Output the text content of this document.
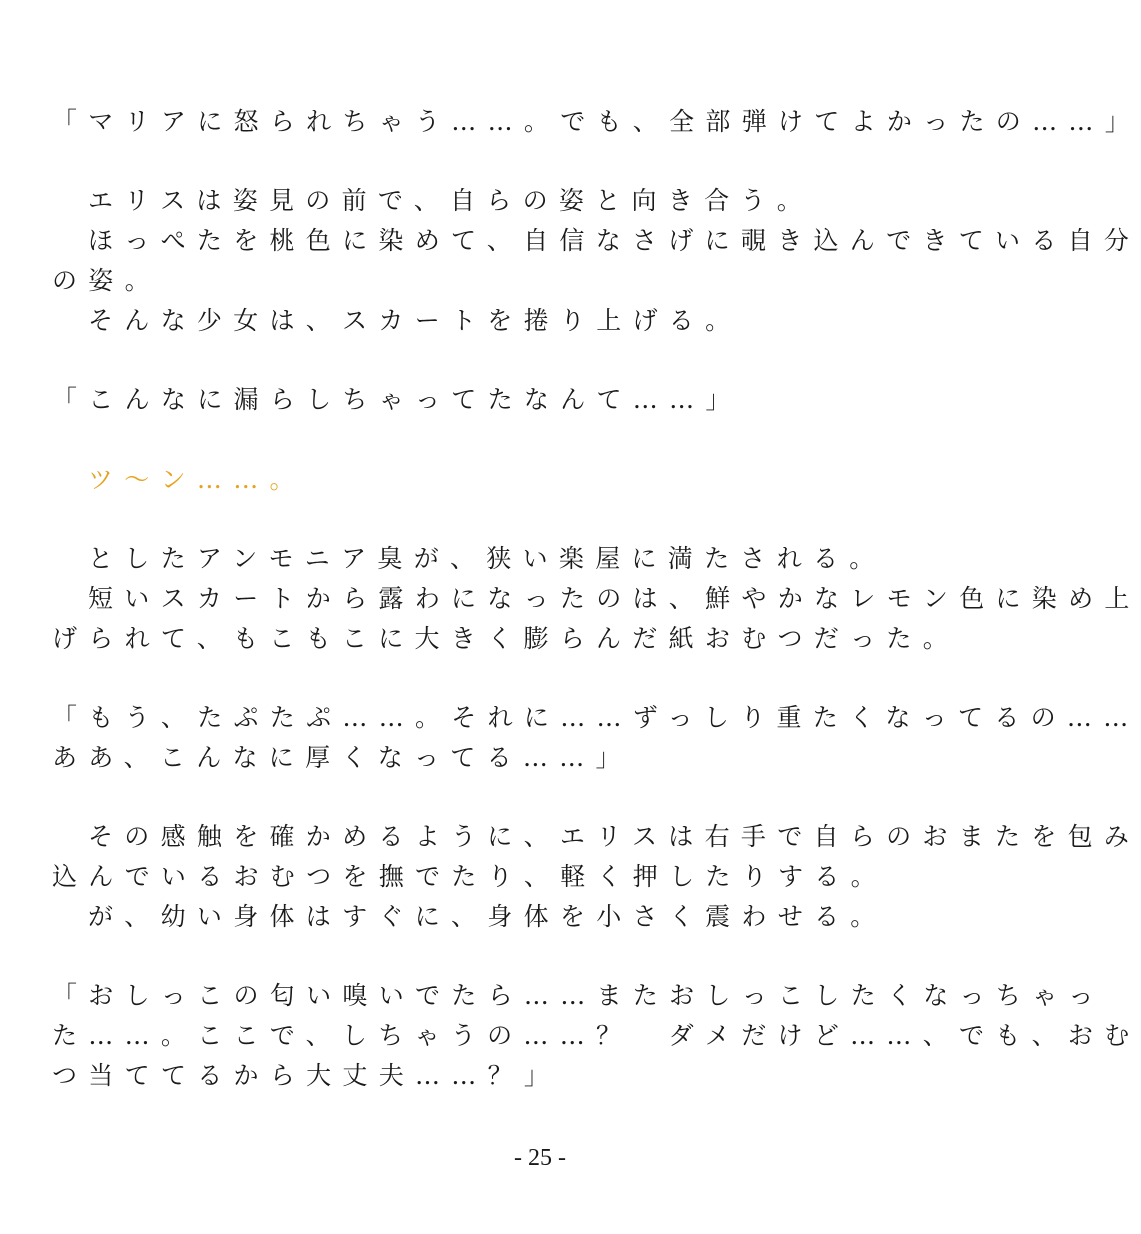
「マリアに怒られちゃう……。でも、全部弾けてよかったの……」
エリスは姿見の前で、自らの姿と向き合う。
ほっぺたを桃色に染めて、自信なさげに覗き込んできている自分
の姿。
そんな少女は、スカートを捲り上げる。
「こんなに漏らしちゃってたなんて……」
ツ〜ン……。
としたアンモニア臭が、狭い楽屋に満たされる。
短いスカートから露わになったのは、鮮やかなレモン色に染め上
げられて、もこもこに大きく膨らんだ紙おむつだった。
「もう、たぷたぷ……。それに……ずっしり重たくなってるの……
ああ、こんなに厚くなってる……」
その感触を確かめるように、エリスは右手で自らのおまたを包み
込んでいるおむつを撫でたり、軽く押したりする。
が、幼い身体はすぐに、身体を小さく震わせる。
「おしっこの匂い嗅いでたら……またおしっこしたくなっちゃっ
た……。ここで、しちゃうの……？　ダメだけど……、でも、おむ
つ当ててるから大丈夫……？」
- 25 -
